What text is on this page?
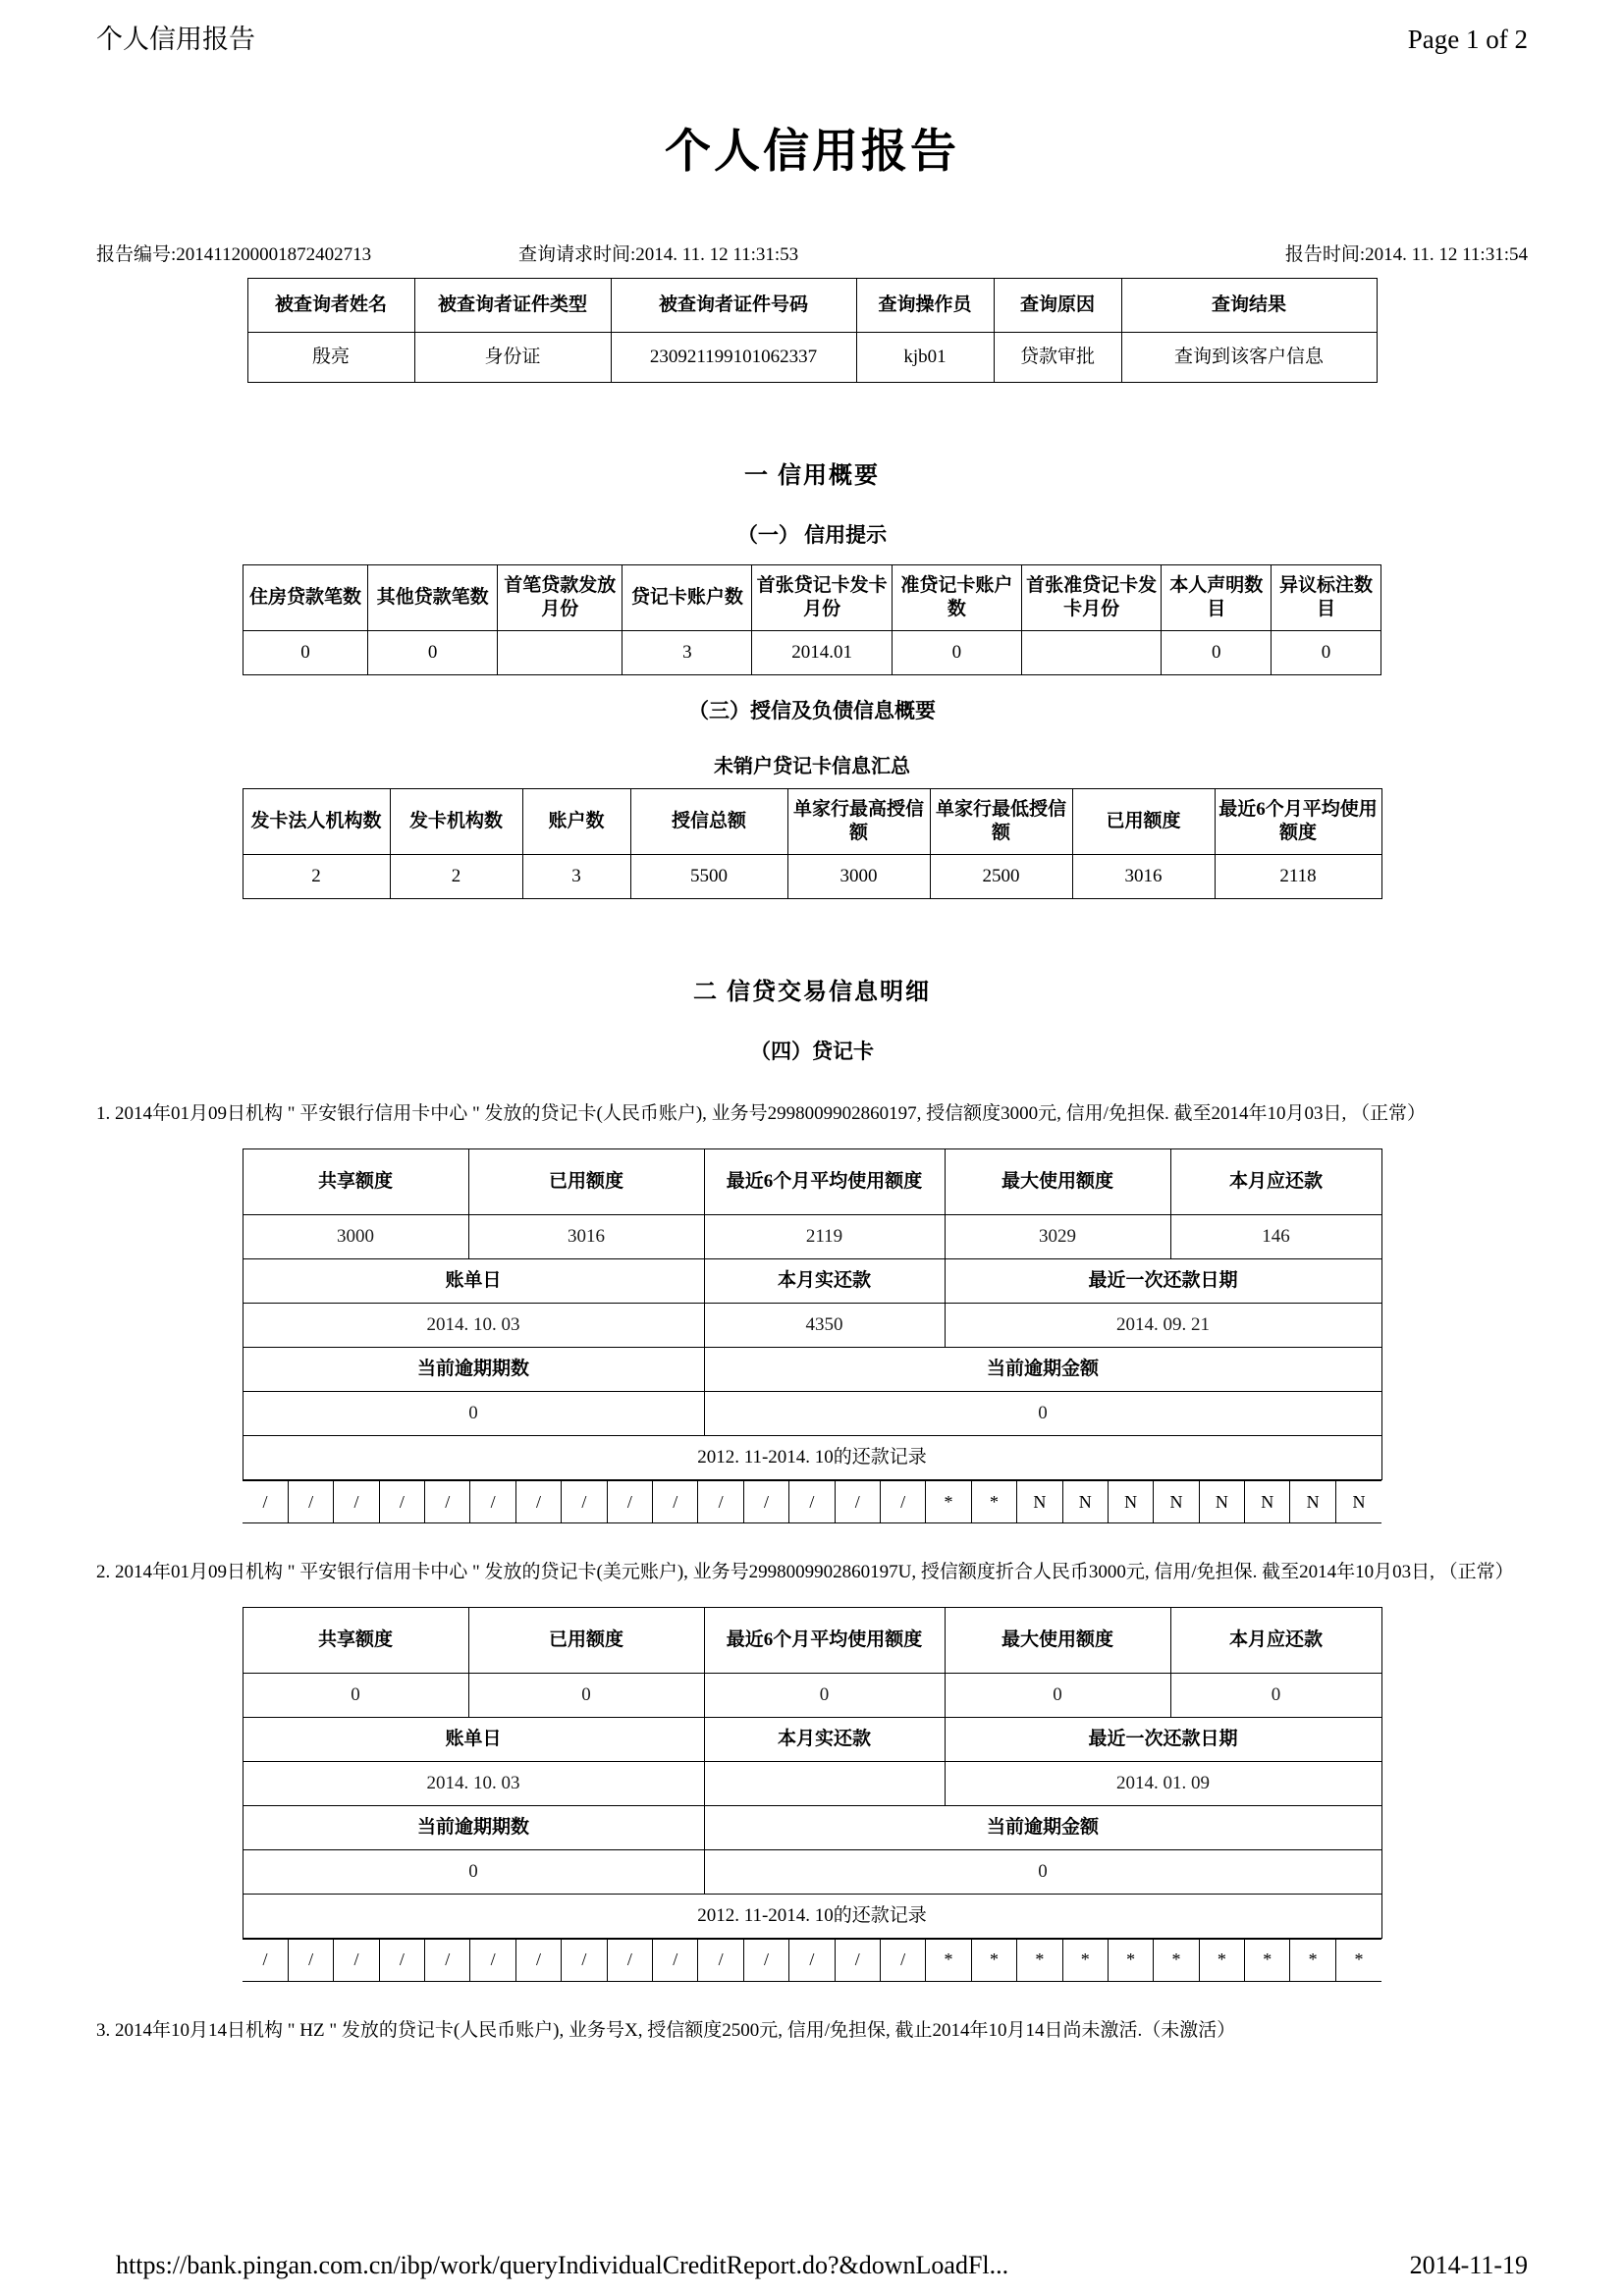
个人信用报告	Page 1 of 2
个人信用报告
报告编号:201411200001872402713	查询请求时间:2014. 11. 12 11:31:53	报告时间:2014. 11. 12 11:31:54
被查询者姓名	被查询者证件类型	被查询者证件号码	查询操作员	查询原因	查询结果
殷亮	身份证	230921199101062337	kjb01	贷款审批	查询到该客户信息
一 信用概要
（一） 信用提示
住房贷款笔数	其他贷款笔数	首笔贷款发放月份	贷记卡账户数	首张贷记卡发卡月份	准贷记卡账户数	首张准贷记卡发卡月份	本人声明数目	异议标注数目
0	0		3	2014.01	0		0	0
（三）授信及负债信息概要
未销户贷记卡信息汇总
发卡法人机构数	发卡机构数	账户数	授信总额	单家行最高授信额	单家行最低授信额	已用额度	最近6个月平均使用额度
2	2	3	5500	3000	2500	3016	2118
二 信贷交易信息明细
（四）贷记卡
1. 2014年01月09日机构 " 平安银行信用卡中心 " 发放的贷记卡(人民币账户), 业务号2998009902860197, 授信额度3000元, 信用/免担保. 截至2014年10月03日, （正常）
共享额度	已用额度	最近6个月平均使用额度	最大使用额度	本月应还款
3000	3016	2119	3029	146
账单日	本月实还款	最近一次还款日期
2014. 10. 03	4350	2014. 09. 21
当前逾期期数	当前逾期金额
0	0
2012. 11-2014. 10的还款记录

/	/	/	/	/	/	/	/	/	/	/	/	/	/	/	*	*	N	N	N	N	N	N	N	N
2. 2014年01月09日机构 " 平安银行信用卡中心 " 发放的贷记卡(美元账户), 业务号2998009902860197U, 授信额度折合人民币3000元, 信用/免担保. 截至2014年10月03日, （正常）
共享额度	已用额度	最近6个月平均使用额度	最大使用额度	本月应还款
0	0	0	0	0
账单日	本月实还款	最近一次还款日期
2014. 10. 03		2014. 01. 09
当前逾期期数	当前逾期金额
0	0
2012. 11-2014. 10的还款记录

/	/	/	/	/	/	/	/	/	/	/	/	/	/	/	*	*	*	*	*	*	*	*	*	*
3. 2014年10月14日机构 " HZ " 发放的贷记卡(人民币账户), 业务号X, 授信额度2500元, 信用/免担保, 截止2014年10月14日尚未激活.（未激活）
https://bank.pingan.com.cn/ibp/work/queryIndividualCreditReport.do?&downLoadFl...	2014-11-19
